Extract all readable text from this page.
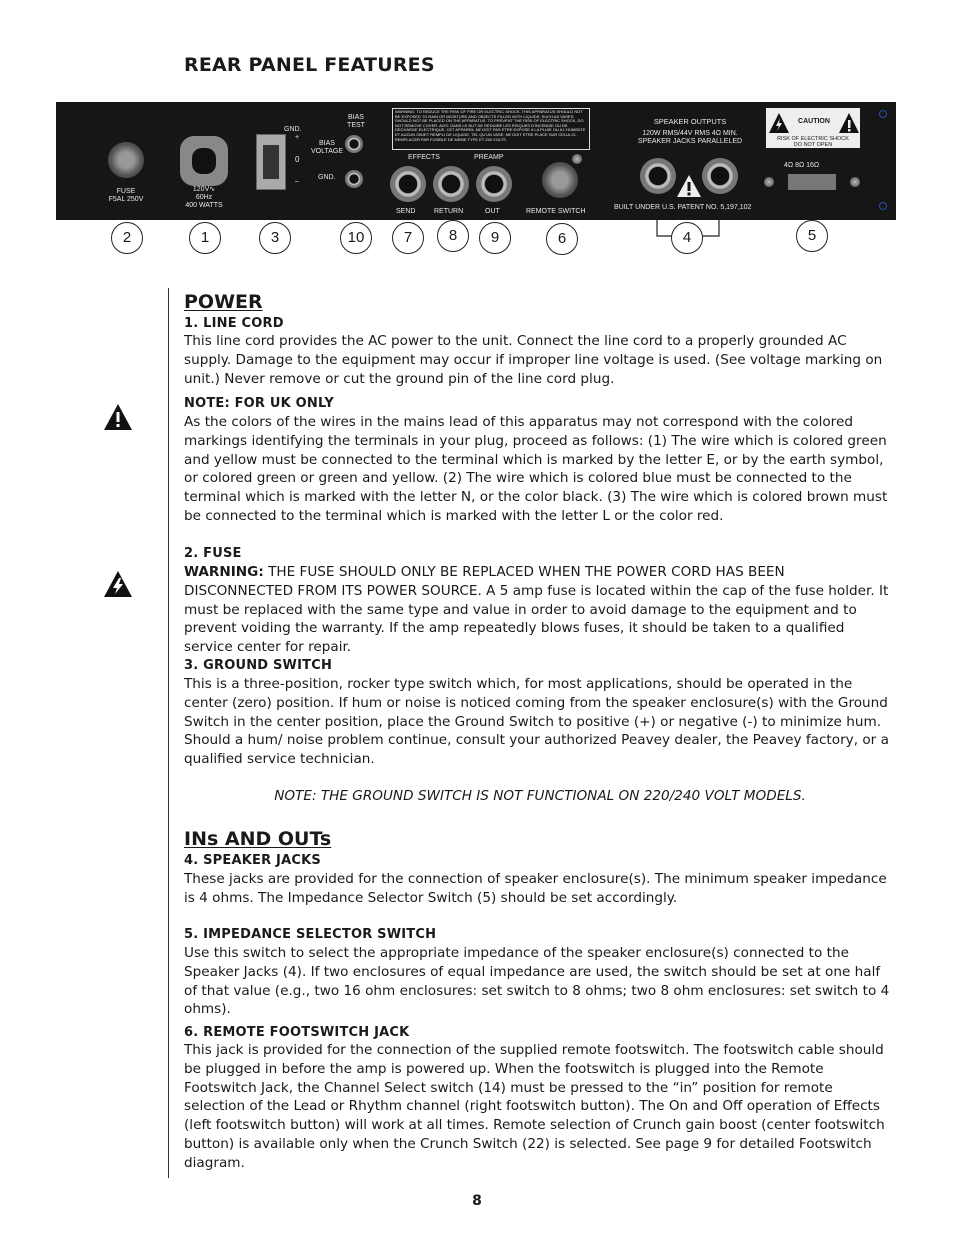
REAR PANEL FEATURES
FUSE
F5AL 250V
120V∿
60Hz
400 WATTS
GND.
+
0
–
BIAS TEST
BIAS VOLTAGE
GND.
EFFECTS	PREAMP
SEND	RETURN	OUT	REMOTE SWITCH
WARNING: TO REDUCE THE RISK OF FIRE OR ELECTRIC SHOCK, THIS APPARATUS SHOULD NOT BE EXPOSED TO RAIN OR MOISTURE AND OBJECTS FILLED WITH LIQUIDS, SUCH AS VASES, SHOULD NOT BE PLACED ON THE APPARATUS. TO PREVENT THE RISK OF ELECTRIC SHOCK, DO NOT REMOVE COVER. AVIS: DANS LE BUT DE REDUIRE LES RISQUES D'INCENDIE OU DE DECHARGE ELECTRIQUE, CET APPAREIL NE DOIT PAS ETRE EXPOSE A LA PLUIE OU A L'HUMIDITE ET AUCUN OBJET REMPLI DE LIQUIDE, TEL QU'UN VASE, NE DOIT ETRE PLACE SUR CELUI-CI. REMPLACER PAR FUSIBLE DE MEME TYPE ET 250 VOLTS.
SPEAKER OUTPUTS
120W RMS/44V RMS 4Ω MIN.
SPEAKER JACKS PARALLELED
BUILT UNDER U.S. PATENT NO. 5,197,102
CAUTION
RISK OF ELECTRIC SHOCK
DO NOT OPEN
4Ω 8Ω 16Ω
2	1	3	10	7	8	9	6	4	5
POWER
1. LINE CORD
This line cord provides the AC power to the unit. Connect the line cord to a properly grounded AC supply. Damage to the equipment may occur if improper line voltage is used. (See voltage marking on unit.) Never remove or cut the ground pin of the line cord plug.
NOTE: FOR UK ONLY
As the colors of the wires in the mains lead of this apparatus may not correspond with the colored markings identifying the terminals in your plug, proceed as follows: (1) The wire which is colored green and yellow must be connected to the terminal which is marked by the letter E, or by the earth symbol, or colored green or green and yellow. (2) The wire which is colored blue must be connected to the terminal which is marked with the letter N, or the color black. (3) The wire which is colored brown must be connected to the terminal which is marked with the letter L or the color red.
2. FUSE
WARNING: THE FUSE SHOULD ONLY BE REPLACED WHEN THE POWER CORD HAS BEEN DISCONNECTED FROM ITS POWER SOURCE. A 5 amp fuse is located within the cap of the fuse holder. It must be replaced with the same type and value in order to avoid damage to the equipment and to prevent voiding the warranty. If the amp repeatedly blows fuses, it should be taken to a qualified service center for repair.
3. GROUND SWITCH
This is a three-position, rocker type switch which, for most applications, should be operated in the center (zero) position. If hum or noise is noticed coming from the speaker enclosure(s) with the Ground Switch in the center position, place the Ground Switch to positive (+) or negative (-) to minimize hum. Should a hum/ noise problem continue, consult your authorized Peavey dealer, the Peavey factory, or a qualified service technician.
NOTE: THE GROUND SWITCH IS NOT FUNCTIONAL ON 220/240 VOLT MODELS.
INs AND OUTs
4. SPEAKER JACKS
These jacks are provided for the connection of speaker enclosure(s). The minimum speaker impedance is 4 ohms. The Impedance Selector Switch (5) should be set accordingly.
5. IMPEDANCE SELECTOR SWITCH
Use this switch to select the appropriate impedance of the speaker enclosure(s) connected to the Speaker Jacks (4). If two enclosures of equal impedance are used, the switch should be set at one half of that value (e.g., two 16 ohm enclosures: set switch to 8 ohms; two 8 ohm enclosures: set switch to 4 ohms).
6. REMOTE FOOTSWITCH JACK
This jack is provided for the connection of the supplied remote footswitch. The footswitch cable should be plugged in before the amp is powered up. When the footswitch is plugged into the Remote Footswitch Jack, the Channel Select switch (14) must be pressed to the “in” position for remote selection of the Lead or Rhythm channel (right footswitch button). The On and Off operation of Effects (left footswitch button) will work at all times. Remote selection of Crunch gain boost (center footswitch button) is available only when the Crunch Switch (22) is selected. See page 9 for detailed Footswitch diagram.
8
